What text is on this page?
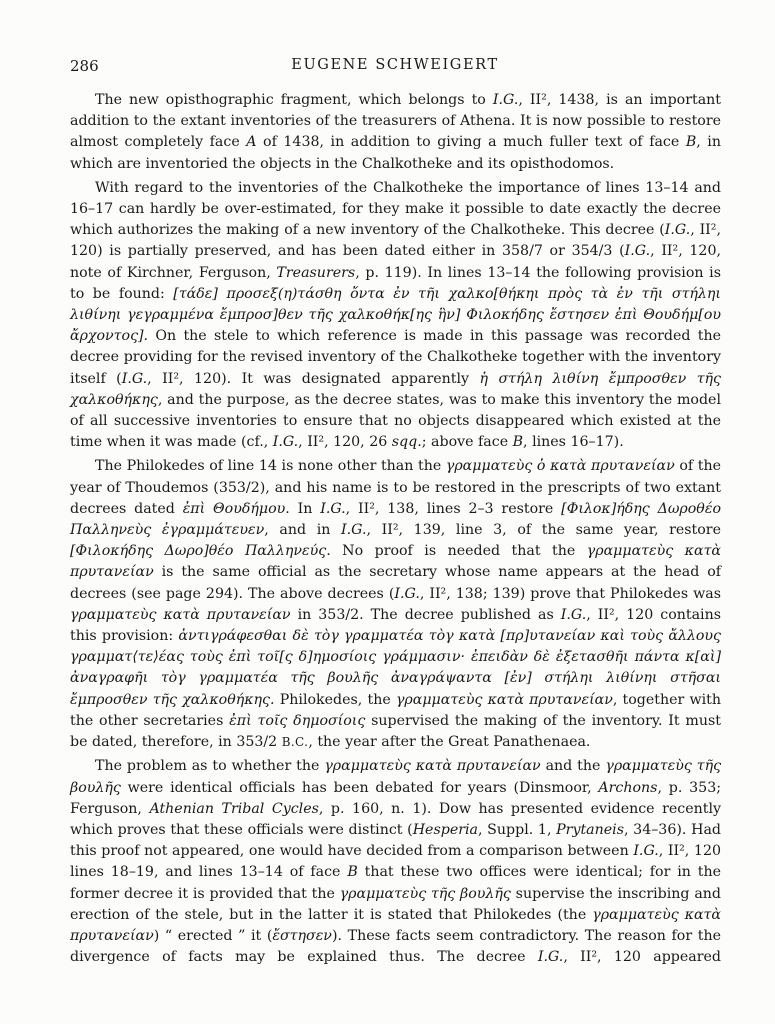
286	EUGENE SCHWEIGERT

The new opisthographic fragment, which belongs to I.G., II², 1438, is an important addition to the extant inventories of the treasurers of Athena. It is now possible to restore almost completely face A of 1438, in addition to giving a much fuller text of face B, in which are inventoried the objects in the Chalkotheke and its opisthodomos.

With regard to the inventories of the Chalkotheke the importance of lines 13–14 and 16–17 can hardly be over-estimated, for they make it possible to date exactly the decree which authorizes the making of a new inventory of the Chalkotheke. This decree (I.G., II², 120) is partially preserved, and has been dated either in 358/7 or 354/3 (I.G., II², 120, note of Kirchner, Ferguson, Treasurers, p. 119). In lines 13–14 the following provision is to be found: [τάδε] προσεξ(η)τάσθη ὄντα ἐν τῆι χαλκο[θήκηι πρὸς τὰ ἐν τῆι στήληι λιθίνηι γεγραμμένα ἔμπροσ]θεν τῆς χαλκοθήκ[ης ἣν] Φιλοκήδης ἔστησεν ἐπὶ Θουδήμ[ου ἄρχοντος]. On the stele to which reference is made in this passage was recorded the decree providing for the revised inventory of the Chalkotheke together with the inventory itself (I.G., II², 120). It was designated apparently ἡ στήλη λιθίνη ἔμπροσθεν τῆς χαλκοθήκης, and the purpose, as the decree states, was to make this inventory the model of all successive inventories to ensure that no objects disappeared which existed at the time when it was made (cf., I.G., II², 120, 26 sqq.; above face B, lines 16–17).

The Philokedes of line 14 is none other than the γραμματεὺς ὁ κατὰ πρυτανείαν of the year of Thoudemos (353/2), and his name is to be restored in the prescripts of two extant decrees dated ἐπὶ Θουδήμου. In I.G., II², 138, lines 2–3 restore [Φιλοκ]ήδης Δωροθέο Παλληνεὺς ἐγραμμάτευεν, and in I.G., II², 139, line 3, of the same year, restore [Φιλοκήδης Δωρο]θέο Παλληνεύς. No proof is needed that the γραμματεὺς κατὰ πρυτανείαν is the same official as the secretary whose name appears at the head of decrees (see page 294). The above decrees (I.G., II², 138; 139) prove that Philokedes was γραμματεὺς κατὰ πρυτανείαν in 353/2. The decree published as I.G., II², 120 contains this provision: ἀντιγράφεσθαι δὲ τὸγ γραμματέα τὸγ κατὰ [πρ]υτανείαν καὶ τοὺς ἄλλους γραμματ⟨τε⟩έας τοὺς ἐπὶ τοῖ[ς δ]ημοσίοις γράμμασιν· ἐπειδὰν δὲ ἐξετασθῆι πάντα κ[αὶ] ἀναγραφῆι τὸγ γραμματέα τῆς βουλῆς ἀναγράψαντα [ἐν] στήληι λιθίνηι στῆσαι ἔμπροσθεν τῆς χαλκοθήκης. Philokedes, the γραμματεὺς κατὰ πρυτανείαν, together with the other secretaries ἐπὶ τοῖς δημοσίοις supervised the making of the inventory. It must be dated, therefore, in 353/2 B.C., the year after the Great Panathenaea.

The problem as to whether the γραμματεὺς κατὰ πρυτανείαν and the γραμματεὺς τῆς βουλῆς were identical officials has been debated for years (Dinsmoor, Archons, p. 353; Ferguson, Athenian Tribal Cycles, p. 160, n. 1). Dow has presented evidence recently which proves that these officials were distinct (Hesperia, Suppl. 1, Prytaneis, 34–36). Had this proof not appeared, one would have decided from a comparison between I.G., II², 120 lines 18–19, and lines 13–14 of face B that these two offices were identical; for in the former decree it is provided that the γραμματεὺς τῆς βουλῆς supervise the inscribing and erection of the stele, but in the latter it is stated that Philokedes (the γραμματεὺς κατὰ πρυτανείαν) “ erected ” it (ἔστησεν). These facts seem contradictory. The reason for the divergence of facts may be explained thus. The decree I.G., II², 120 appeared
